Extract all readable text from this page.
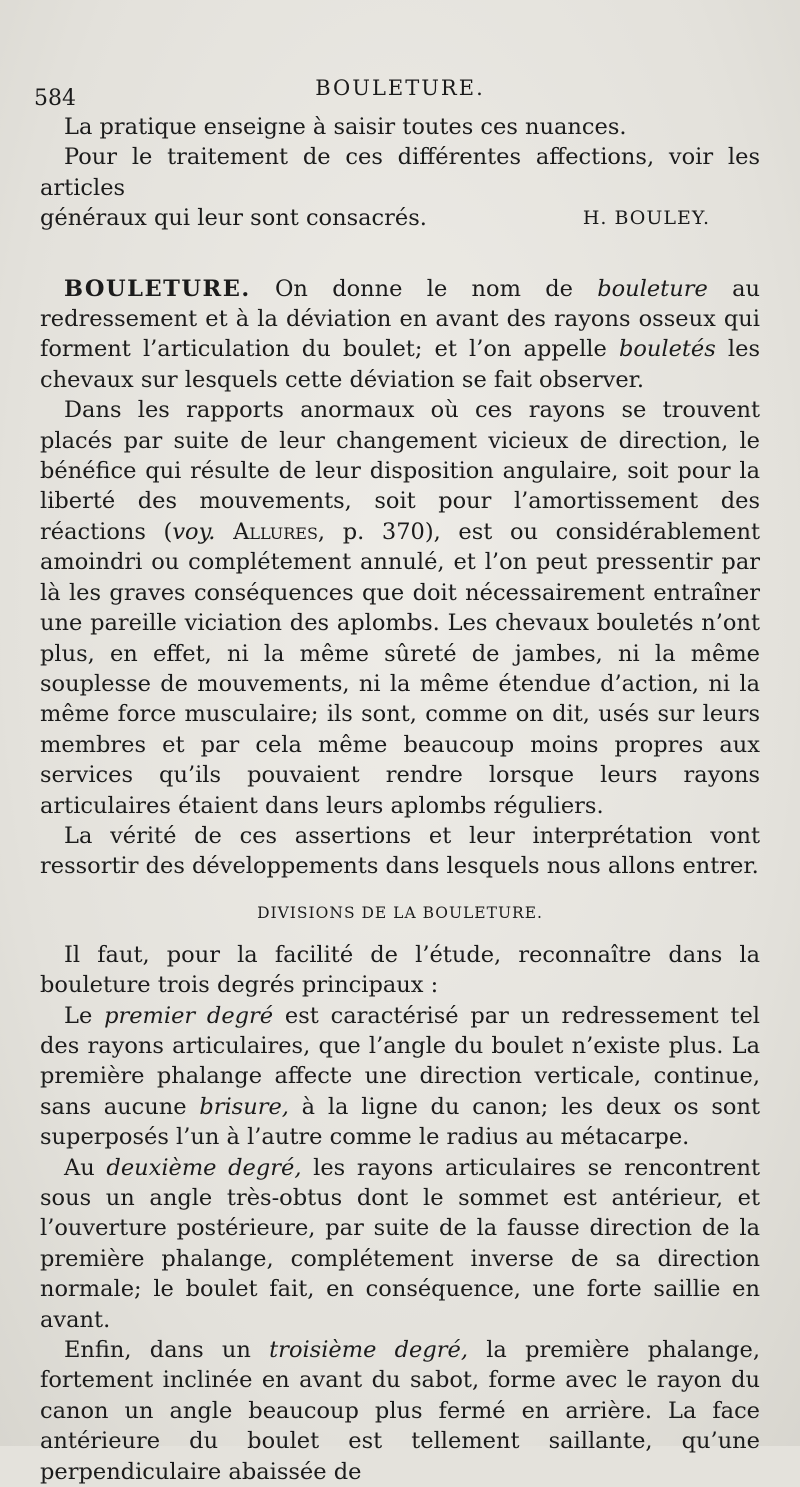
584	BOULETURE.

La pratique enseigne à saisir toutes ces nuances.

Pour le traitement de ces différentes affections, voir les articles

généraux qui leur sont consacrés.	H. BOULEY.

BOULETURE. On donne le nom de bouleture au redressement et à la déviation en avant des rayons osseux qui forment l’articulation du boulet; et l’on appelle bouletés les chevaux sur lesquels cette déviation se fait observer.

Dans les rapports anormaux où ces rayons se trouvent placés par suite de leur changement vicieux de direction, le bénéfice qui résulte de leur disposition angulaire, soit pour la liberté des mouvements, soit pour l’amortissement des réactions (voy. Allures, p. 370), est ou considérablement amoindri ou complétement annulé, et l’on peut pressentir par là les graves conséquences que doit nécessairement entraîner une pareille viciation des aplombs. Les chevaux bouletés n’ont plus, en effet, ni la même sûreté de jambes, ni la même souplesse de mouvements, ni la même étendue d’action, ni la même force musculaire; ils sont, comme on dit, usés sur leurs membres et par cela même beaucoup moins propres aux services qu’ils pouvaient rendre lorsque leurs rayons articulaires étaient dans leurs aplombs réguliers.

La vérité de ces assertions et leur interprétation vont ressortir des développements dans lesquels nous allons entrer.

DIVISIONS DE LA BOULETURE.

Il faut, pour la facilité de l’étude, reconnaître dans la bouleture trois degrés principaux :

Le premier degré est caractérisé par un redressement tel des rayons articulaires, que l’angle du boulet n’existe plus. La première phalange affecte une direction verticale, continue, sans aucune brisure, à la ligne du canon; les deux os sont superposés l’un à l’autre comme le radius au métacarpe.

Au deuxième degré, les rayons articulaires se rencontrent sous un angle très-obtus dont le sommet est antérieur, et l’ouverture postérieure, par suite de la fausse direction de la première phalange, complétement inverse de sa direction normale; le boulet fait, en conséquence, une forte saillie en avant.

Enfin, dans un troisième degré, la première phalange, fortement inclinée en avant du sabot, forme avec le rayon du canon un angle beaucoup plus fermé en arrière. La face antérieure du boulet est tellement saillante, qu’une perpendiculaire abaissée de
